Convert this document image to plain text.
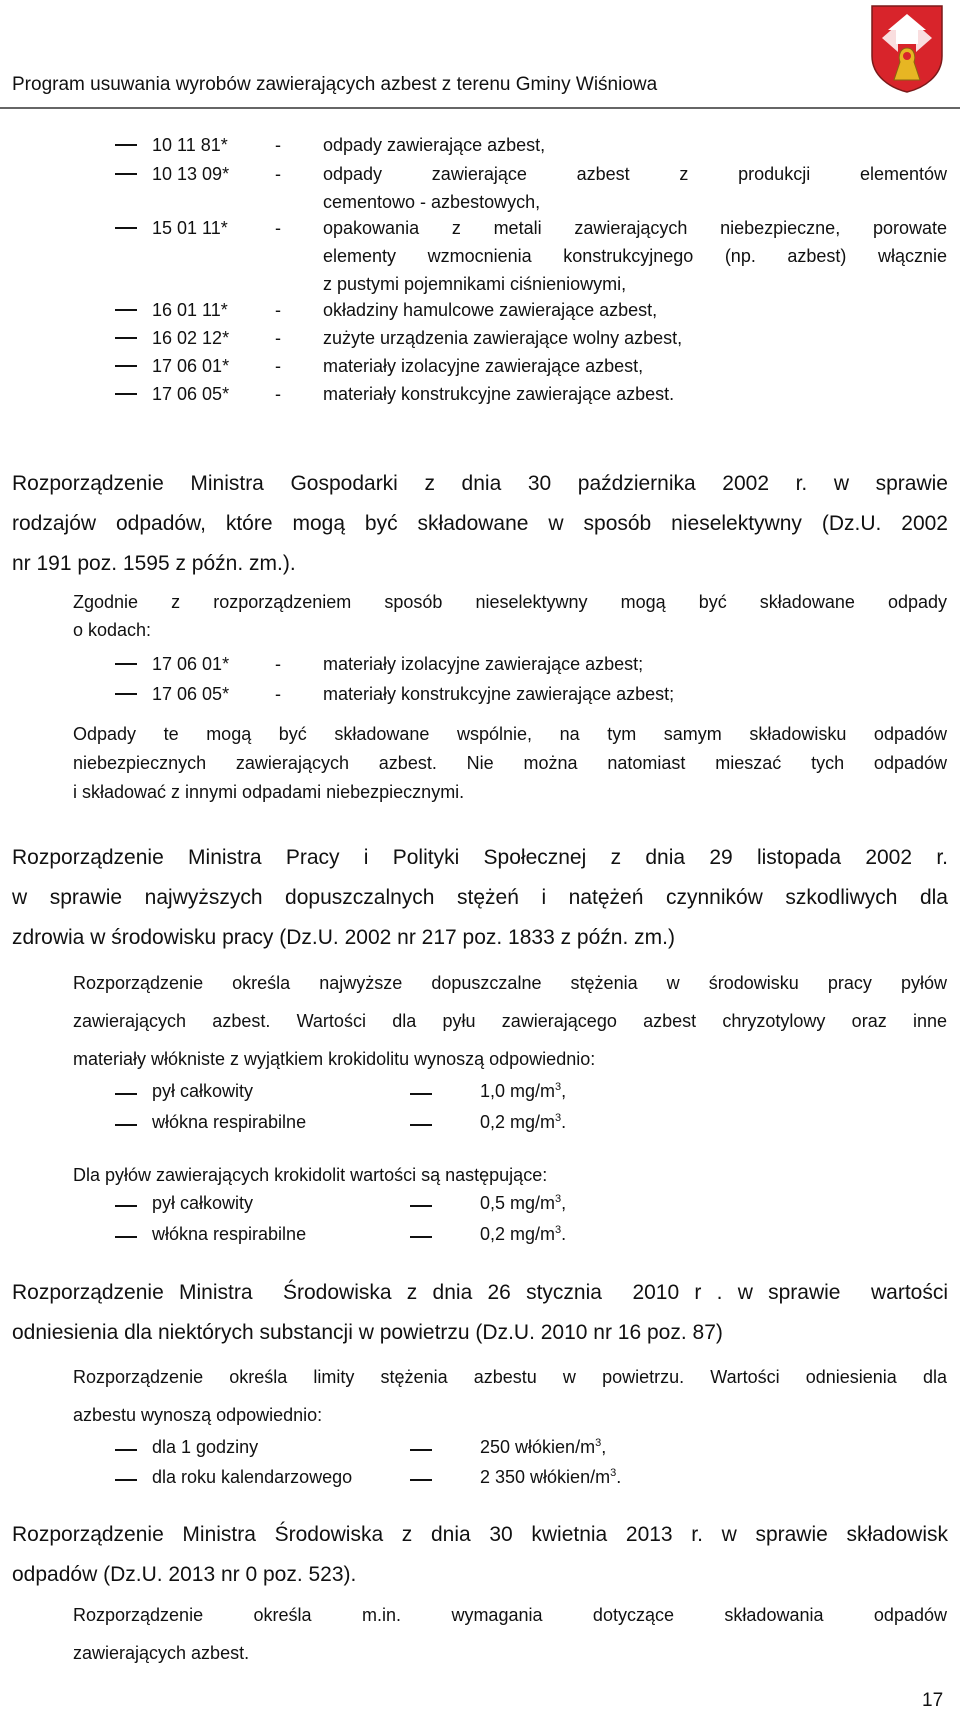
Program usuwania wyrobów zawierających azbest z terenu Gminy Wiśniowa
10 11 81*	- odpady zawierające azbest,
10 13 09*	- odpady zawierające azbest z produkcji elementów
cementowo - azbestowych,
15 01 11*	- opakowania z metali zawierających niebezpieczne, porowate
elementy wzmocnienia konstrukcyjnego (np. azbest) włącznie
z pustymi pojemnikami ciśnieniowymi,
16 01 11*	- okładziny hamulcowe zawierające azbest,
16 02 12*	- zużyte urządzenia zawierające wolny azbest,
17 06 01*	- materiały izolacyjne zawierające azbest,
17 06 05*	- materiały konstrukcyjne zawierające azbest.
Rozporządzenie Ministra Gospodarki z dnia 30 października 2002 r. w sprawie
rodzajów odpadów, które mogą być składowane w sposób nieselektywny (Dz.U. 2002
nr 191 poz. 1595 z późn. zm.).
Zgodnie z rozporządzeniem sposób nieselektywny mogą być składowane odpady
o kodach:
17 06 01*	- materiały izolacyjne zawierające azbest;
17 06 05*	- materiały konstrukcyjne zawierające azbest;
Odpady te mogą być składowane wspólnie, na tym samym składowisku odpadów
niebezpiecznych zawierających azbest. Nie można natomiast mieszać tych odpadów
i składować z innymi odpadami niebezpiecznymi.
Rozporządzenie Ministra Pracy i Polityki Społecznej z dnia 29 listopada 2002 r.
w sprawie najwyższych dopuszczalnych stężeń i natężeń czynników szkodliwych dla
zdrowia w środowisku pracy (Dz.U. 2002 nr 217 poz. 1833 z późn. zm.)
Rozporządzenie określa najwyższe dopuszczalne stężenia w środowisku pracy pyłów
zawierających azbest. Wartości dla pyłu zawierającego azbest chryzotylowy oraz inne
materiały włókniste z wyjątkiem krokidolitu wynoszą odpowiednio:
pył całkowity	1,0 $mg/m^3$,
włókna respirabilne	0,2 $mg/m^3$.
Dla pyłów zawierających krokidolit wartości są następujące:
pył całkowity	0,5 $mg/m^3$,
włókna respirabilne	0,2 $mg/m^3$.
Rozporządzenie Ministra  Środowiska z dnia 26 stycznia  2010 r . w sprawie  wartości
odniesienia dla niektórych substancji w powietrzu (Dz.U. 2010 nr 16 poz. 87)
Rozporządzenie określa limity stężenia azbestu w powietrzu. Wartości odniesienia dla
azbestu wynoszą odpowiednio:
dla 1 godziny	250 włókien/$m^3$,
dla roku kalendarzowego	2 350 włókien/$m^3$.
Rozporządzenie Ministra Środowiska z dnia 30 kwietnia 2013 r. w sprawie składowisk
odpadów (Dz.U. 2013 nr 0 poz. 523).
Rozporządzenie określa m.in. wymagania dotyczące składowania odpadów
zawierających azbest.
17
